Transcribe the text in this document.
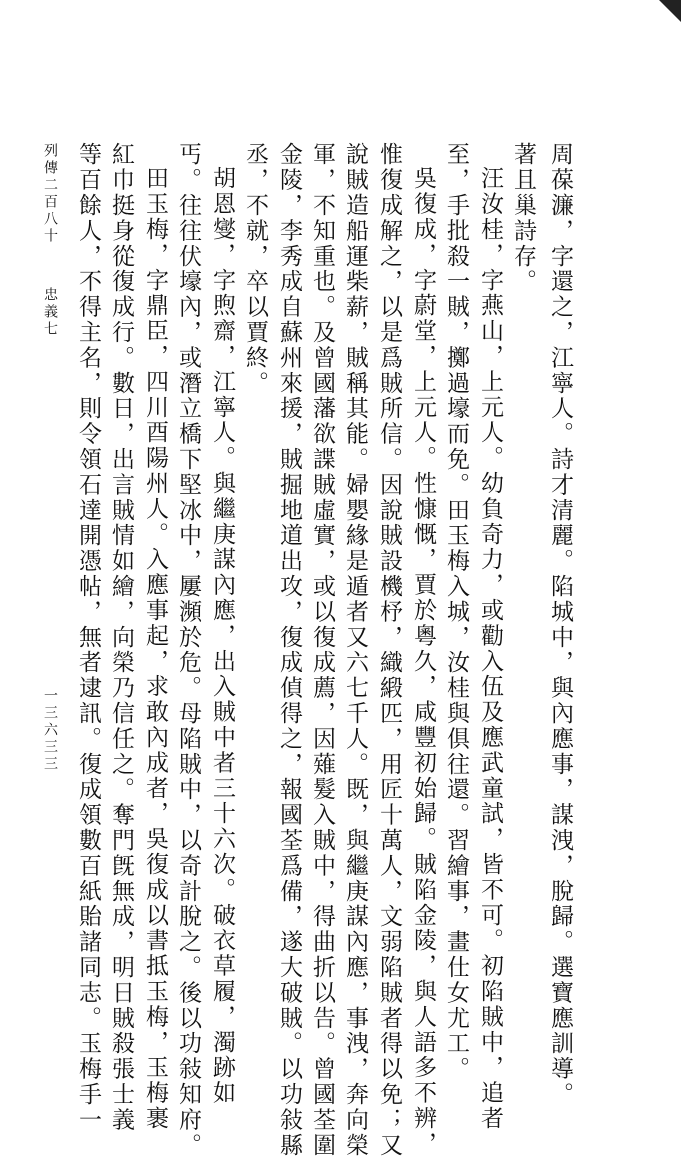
周葆濂，字還之，江寧人。詩才清麗。陷城中，與內應事，謀洩，脫歸。選寶應訓導。
著且巢詩存。
汪汝桂，字燕山，上元人。幼負奇力，或勸入伍及應武童試，皆不可。初陷賊中，追者
至，手批殺一賊，擲過壕而免。田玉梅入城，汝桂與俱往還。習繪事，畫仕女尤工。
吳復成，字蔚堂，上元人。性慷慨，賈於粵久，咸豐初始歸。賊陷金陵，與人語多不辨，
惟復成解之，以是爲賊所信。因說賊設機杼，織緞匹，用匠十萬人，文弱陷賊者得以免；又
說賊造船運柴薪，賊稱其能。婦嬰緣是遁者又六七千人。既，與繼庚謀內應，事洩，奔向榮
軍，不知重也。及曾國藩欲諜賊虛實，或以復成薦，因薙髮入賊中，得曲折以告。曾國荃圍
金陵，李秀成自蘇州來援，賊掘地道出攻，復成偵得之，報國荃爲備，遂大破賊。以功敍縣
丞，不就，卒以賈終。
胡恩燮，字煦齋，江寧人。與繼庚謀內應，出入賊中者三十六次。破衣草履，濁跡如
丐。往往伏壕內，或潛立橋下堅冰中，屢瀕於危。母陷賊中，以奇計脫之。後以功敍知府。
田玉梅，字鼎臣，四川酉陽州人。入應事起，求敢內成者，吳復成以書抵玉梅，玉梅裹
紅巾挺身從復成行。數日，出言賊情如繪，向榮乃信任之。奪門旣無成，明日賊殺張士義
等百餘人，不得主名，則令領石達開憑帖，無者逮訊。復成領數百紙貽諸同志。玉梅手一
列傳二百八十
忠義七
一三六三三
